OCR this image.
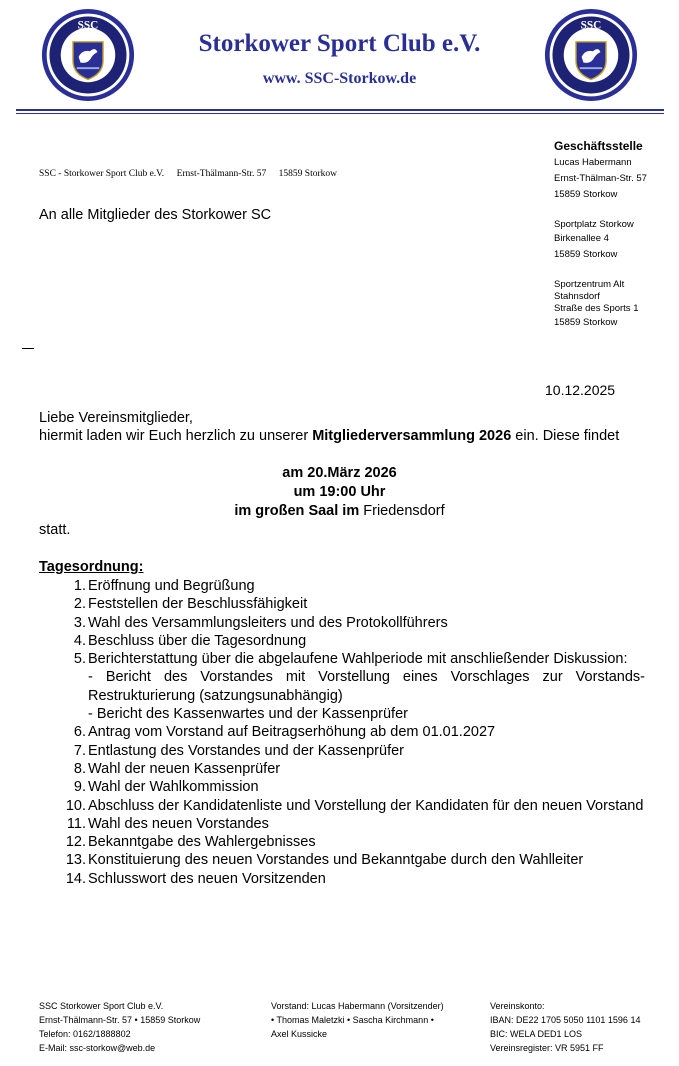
SSC	SSC
Storkower Sport Club e.V.
www. SSC-Storkow.de
SSC - Storkower Sport Club e.V. Ernst-Thälmann-Str. 57 15859 Storkow
An alle Mitglieder des Storkower SC
Geschäftsstelle
Lucas Habermann
Ernst-Thälman-Str. 57
15859 Storkow
Sportplatz Storkow
Birkenallee 4
15859 Storkow
Sportzentrum Alt
Stahnsdorf
Straße des Sports 1
15859 Storkow
10.12.2025
Liebe Vereinsmitglieder,
hiermit laden wir Euch herzlich zu unserer Mitgliederversammlung 2026 ein. Diese findet
am 20.März 2026
um 19:00 Uhr
im großen Saal im Friedensdorf
statt.
Tagesordnung:
1. Eröffnung und Begrüßung
2. Feststellen der Beschlussfähigkeit
3. Wahl des Versammlungsleiters und des Protokollführers
4. Beschluss über die Tagesordnung
5. Berichterstattung über die abgelaufene Wahlperiode mit anschließender Diskussion:
- Bericht des Vorstandes mit Vorstellung eines Vorschlages zur Vorstands-Restrukturierung (satzungsunabhängig)
- Bericht des Kassenwartes und der Kassenprüfer
6. Antrag vom Vorstand auf Beitragserhöhung ab dem 01.01.2027
7. Entlastung des Vorstandes und der Kassenprüfer
8. Wahl der neuen Kassenprüfer
9. Wahl der Wahlkommission
10. Abschluss der Kandidatenliste und Vorstellung der Kandidaten für den neuen Vorstand
11. Wahl des neuen Vorstandes
12. Bekanntgabe des Wahlergebnisses
13. Konstituierung des neuen Vorstandes und Bekanntgabe durch den Wahlleiter
14. Schlusswort des neuen Vorsitzenden
SSC Storkower Sport Club e.V.
Ernst-Thälmann-Str. 57 • 15859 Storkow
Telefon: 0162/1888802
E-Mail: ssc-storkow@web.de
Vorstand: Lucas Habermann (Vorsitzender)
• Thomas Maletzki • Sascha Kirchmann •
Axel Kussicke
Vereinskonto:
IBAN: DE22 1705 5050 1101 1596 14
BIC: WELA DED1 LOS
Vereinsregister: VR 5951 FF
